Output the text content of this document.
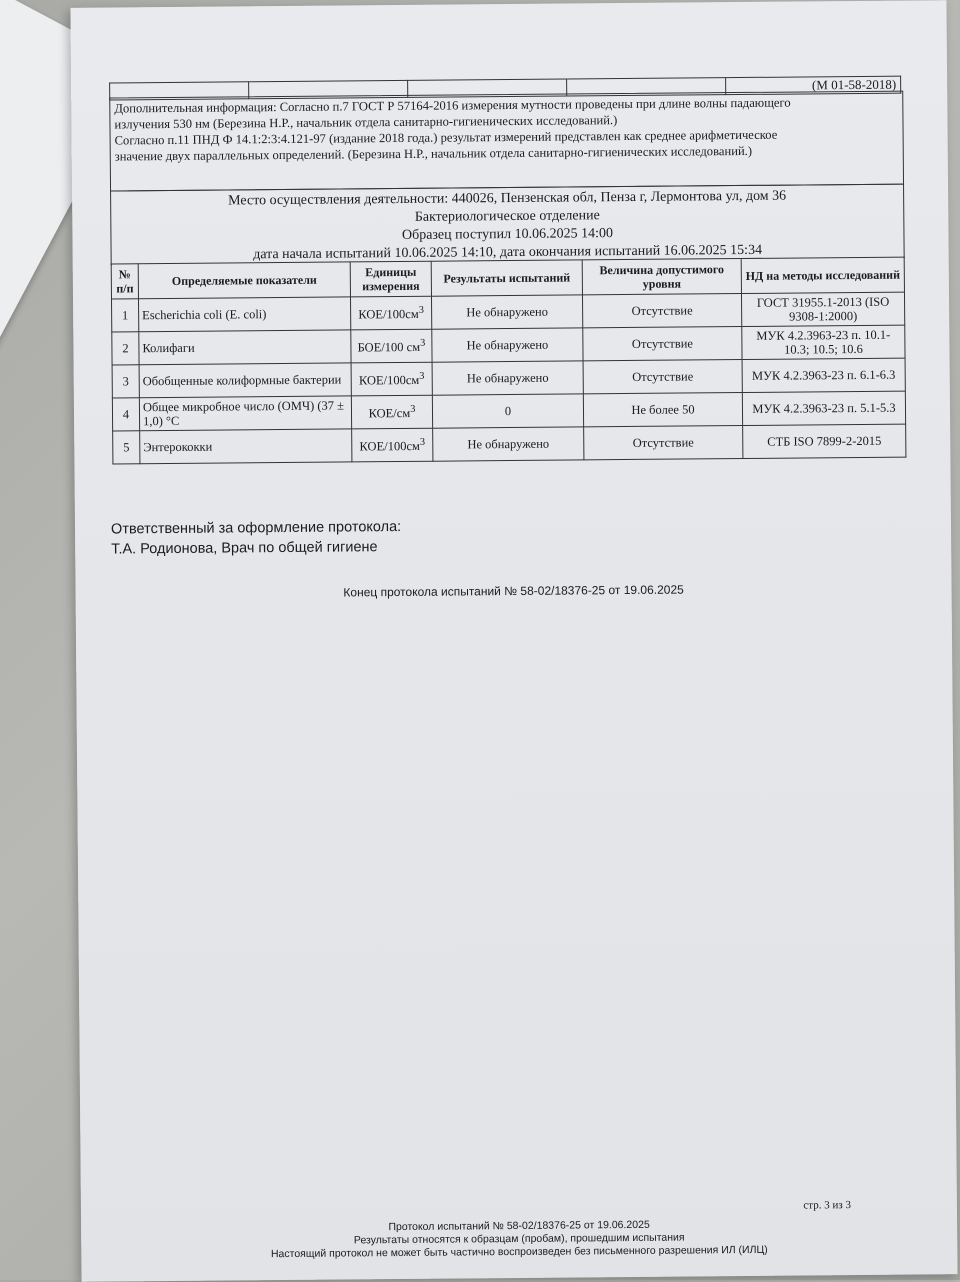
				(М 01-58-2018)
Дополнительная информация: Согласно п.7 ГОСТ Р 57164-2016 измерения мутности проведены при длине волны падающего
излучения 530 нм (Березина Н.Р., начальник отдела санитарно-гигиенических исследований.)
Согласно п.11 ПНД Ф 14.1:2:3:4.121-97 (издание 2018 года.) результат измерений представлен как среднее арифметическое
значение двух параллельных определений. (Березина Н.Р., начальник отдела санитарно-гигиенических исследований.)
Место осуществления деятельности: 440026, Пензенская обл, Пенза г, Лермонтова ул, дом 36
Бактериологическое отделение
Образец поступил 10.06.2025 14:00
дата начала испытаний 10.06.2025 14:10, дата окончания испытаний 16.06.2025 15:34
№ п/п	Определяемые показатели	Единицы измерения	Результаты испытаний	Величина допустимого уровня	НД на методы исследований
1	Escherichia coli (E. coli)	КОЕ/$100см^3$	Не обнаружено	Отсутствие	ГОСТ 31955.1-2013 (ISO 9308-1:2000)
2	Колифаги	БОЕ/100 $см^3$	Не обнаружено	Отсутствие	МУК 4.2.3963-23 п. 10.1-10.3; 10.5; 10.6
3	Обобщенные колиформные бактерии	КОЕ/$100см^3$	Не обнаружено	Отсутствие	МУК 4.2.3963-23 п. 6.1-6.3
4	Общее микробное число (ОМЧ) (37 ± 1,0) °С	КОЕ/$см^3$	0	Не более 50	МУК 4.2.3963-23 п. 5.1-5.3
5	Энтерококки	КОЕ/$100см^3$	Не обнаружено	Отсутствие	СТБ ISO 7899-2-2015
Ответственный за оформление протокола:
Т.А. Родионова, Врач по общей гигиене
Конец протокола испытаний № 58-02/18376-25 от 19.06.2025
стр. 3 из 3
Протокол испытаний № 58-02/18376-25 от 19.06.2025
Результаты относятся к образцам (пробам), прошедшим испытания
Настоящий протокол не может быть частично воспроизведен без письменного разрешения ИЛ (ИЛЦ)
